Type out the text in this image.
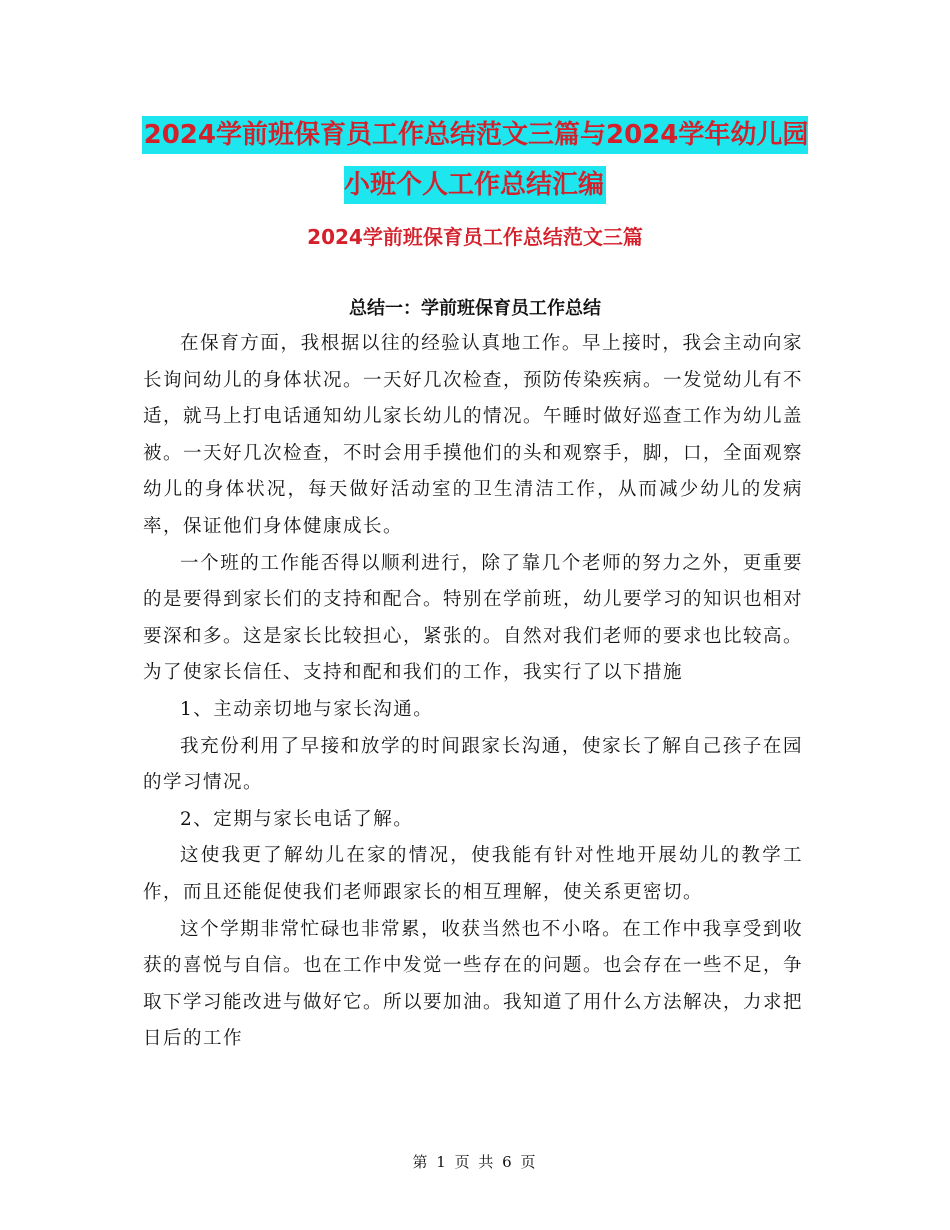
2024学前班保育员工作总结范文三篇与2024学年幼儿园小班个人工作总结汇编
2024学前班保育员工作总结范文三篇
总结一：学前班保育员工作总结

在保育方面，我根据以往的经验认真地工作。早上接时，我会主动向家长询问幼儿的身体状况。一天好几次检查，预防传染疾病。一发觉幼儿有不适，就马上打电话通知幼儿家长幼儿的情况。午睡时做好巡查工作为幼儿盖被。一天好几次检查，不时会用手摸他们的头和观察手，脚，口，全面观察幼儿的身体状况，每天做好活动室的卫生清洁工作，从而减少幼儿的发病率，保证他们身体健康成长。

一个班的工作能否得以顺利进行，除了靠几个老师的努力之外，更重要的是要得到家长们的支持和配合。特别在学前班，幼儿要学习的知识也相对要深和多。这是家长比较担心，紧张的。自然对我们老师的要求也比较高。为了使家长信任、支持和配和我们的工作，我实行了以下措施

1、主动亲切地与家长沟通。

我充份利用了早接和放学的时间跟家长沟通，使家长了解自己孩子在园的学习情况。

2、定期与家长电话了解。

这使我更了解幼儿在家的情况，使我能有针对性地开展幼儿的教学工作，而且还能促使我们老师跟家长的相互理解，使关系更密切。

这个学期非常忙碌也非常累，收获当然也不小咯。在工作中我享受到收获的喜悦与自信。也在工作中发觉一些存在的问题。也会存在一些不足，争取下学习能改进与做好它。所以要加油。我知道了用什么方法解决，力求把日后的工作

第 1 页 共 6 页
